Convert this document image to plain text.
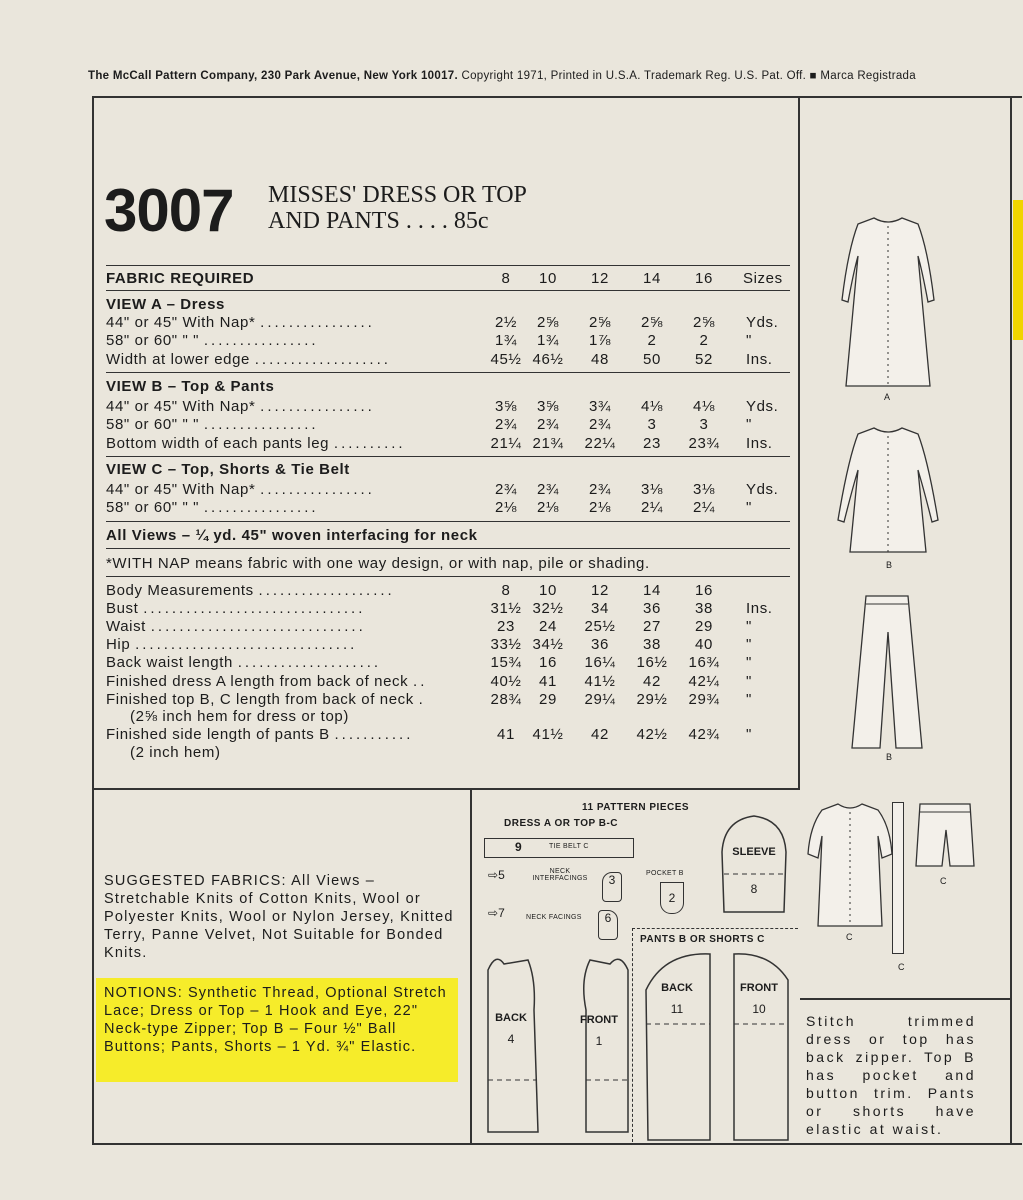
The McCall Pattern Company, 230 Park Avenue, New York 10017. Copyright 1971, Printed in U.S.A. Trademark Reg. U.S. Pat. Off. ■ Marca Registrada
3007 MISSES' DRESS OR TOP
AND PANTS . . . . 85c
FABRIC REQUIRED	8	10	12	14	16	Sizes
VIEW A – Dress
44" or 45" With Nap* ................	2½	2⅝	2⅝	2⅝	2⅝	Yds.
58" or 60" " " ................	1¾	1¾	1⅞	2	2	"
Width at lower edge ...................	45½ 46½	48	50	52	Ins.
VIEW B – Top & Pants
44" or 45" With Nap* ................	3⅝	3⅝	3¾	4⅛	4⅛	Yds.
58" or 60" " " ................	2¾	2¾	2¾	3	3	"
Bottom width of each pants leg ..........	21¼ 21¾	22¼	23	23¾	Ins.
VIEW C – Top, Shorts & Tie Belt
44" or 45" With Nap* ................	2¾	2¾	2¾	3⅛	3⅛	Yds.
58" or 60" " " ................	2⅛	2⅛	2⅛	2¼	2¼	"
All Views – ¼ yd. 45" woven interfacing for neck
*WITH NAP means fabric with one way design, or with nap, pile or shading.
Body Measurements ...................	8	10	12	14	16
Bust ...............................	31½ 32½	34	36	38	Ins.
Waist ..............................	23	24	25½	27	29	"
Hip ...............................	33½ 34½	36	38	40	"
Back waist length ....................	15¾	16	16¼	16½	16¾	"
Finished dress A length from back of neck ..	40½	41	41½	42	42¼	"
Finished top B, C length from back of neck .	28¾	29	29¼	29½	29¾	"
(2⅝ inch hem for dress or top)
Finished side length of pants B ...........	41	41½	42	42½	42¾	"
(2 inch hem)
SUGGESTED FABRICS: All Views – Stretchable Knits of Cotton Knits, Wool or Polyester Knits, Wool or Nylon Jersey, Knitted Terry, Panne Velvet, Not Suitable for Bonded Knits.
NOTIONS: Synthetic Thread, Optional Stretch Lace; Dress or Top – 1 Hook and Eye, 22" Neck-type Zipper; Top B – Four ½" Ball Buttons; Pants, Shorts – 1 Yd. ¾" Elastic.
11 PATTERN PIECES
DRESS A OR TOP B-C
9	TIE BELT C
⇨5	NECK INTERFACINGS
⇨7	NECK FACINGS
3
6
POCKET B
2
SLEEVE
8
BACK
4
FRONT
1
PANTS B OR SHORTS C
BACK
11
FRONT
10
A
B
B
C
C
C
Stitch trimmed dress or top has back zipper. Top B has pocket and button trim. Pants or shorts have elastic at waist.
